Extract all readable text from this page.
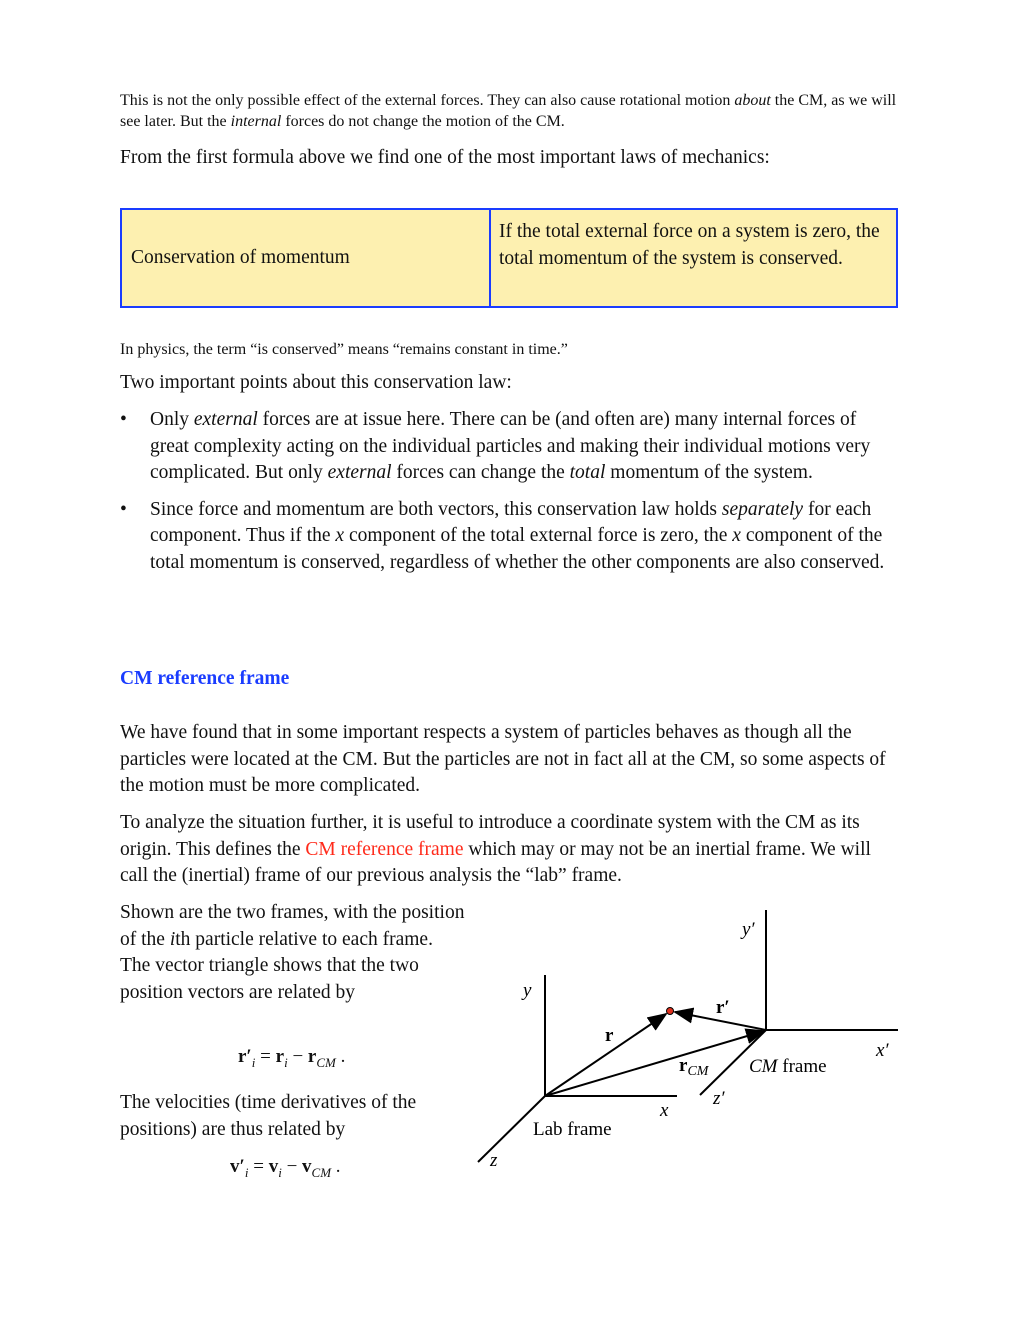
This is not the only possible effect of the external forces. They can also cause rotational motion about the CM, as we will see later. But the internal forces do not change the motion of the CM.
From the first formula above we find one of the most important laws of mechanics:
Conservation of momentum
If the total external force on a system is zero, the total momentum of the system is conserved.
In physics, the term “is conserved” means “remains constant in time.”
Two important points about this conservation law:
• Only external forces are at issue here. There can be (and often are) many internal forces of great complexity acting on the individual particles and making their individual motions very complicated. But only external forces can change the total momentum of the system.
• Since force and momentum are both vectors, this conservation law holds separately for each component. Thus if the x component of the total external force is zero, the x component of the total momentum is conserved, regardless of whether the other components are also conserved.
CM reference frame
We have found that in some important respects a system of particles behaves as though all the particles were located at the CM. But the particles are not in fact all at the CM, so some aspects of the motion must be more complicated.
To analyze the situation further, it is useful to introduce a coordinate system with the CM as its origin. This defines the CM reference frame which may or may not be an inertial frame. We will call the (inertial) frame of our previous analysis the “lab” frame.
Shown are the two frames, with the position of the ith particle relative to each frame. The vector triangle shows that the two position vectors are related by
$r'_i = r_i - r_{CM}$ .
The velocities (time derivatives of the positions) are thus related by
$v'_i = v_i - v_{CM}$ .
y
x
z
Lab frame
r
$r_{CM}$
r′
CM frame
x′
y′
z′
